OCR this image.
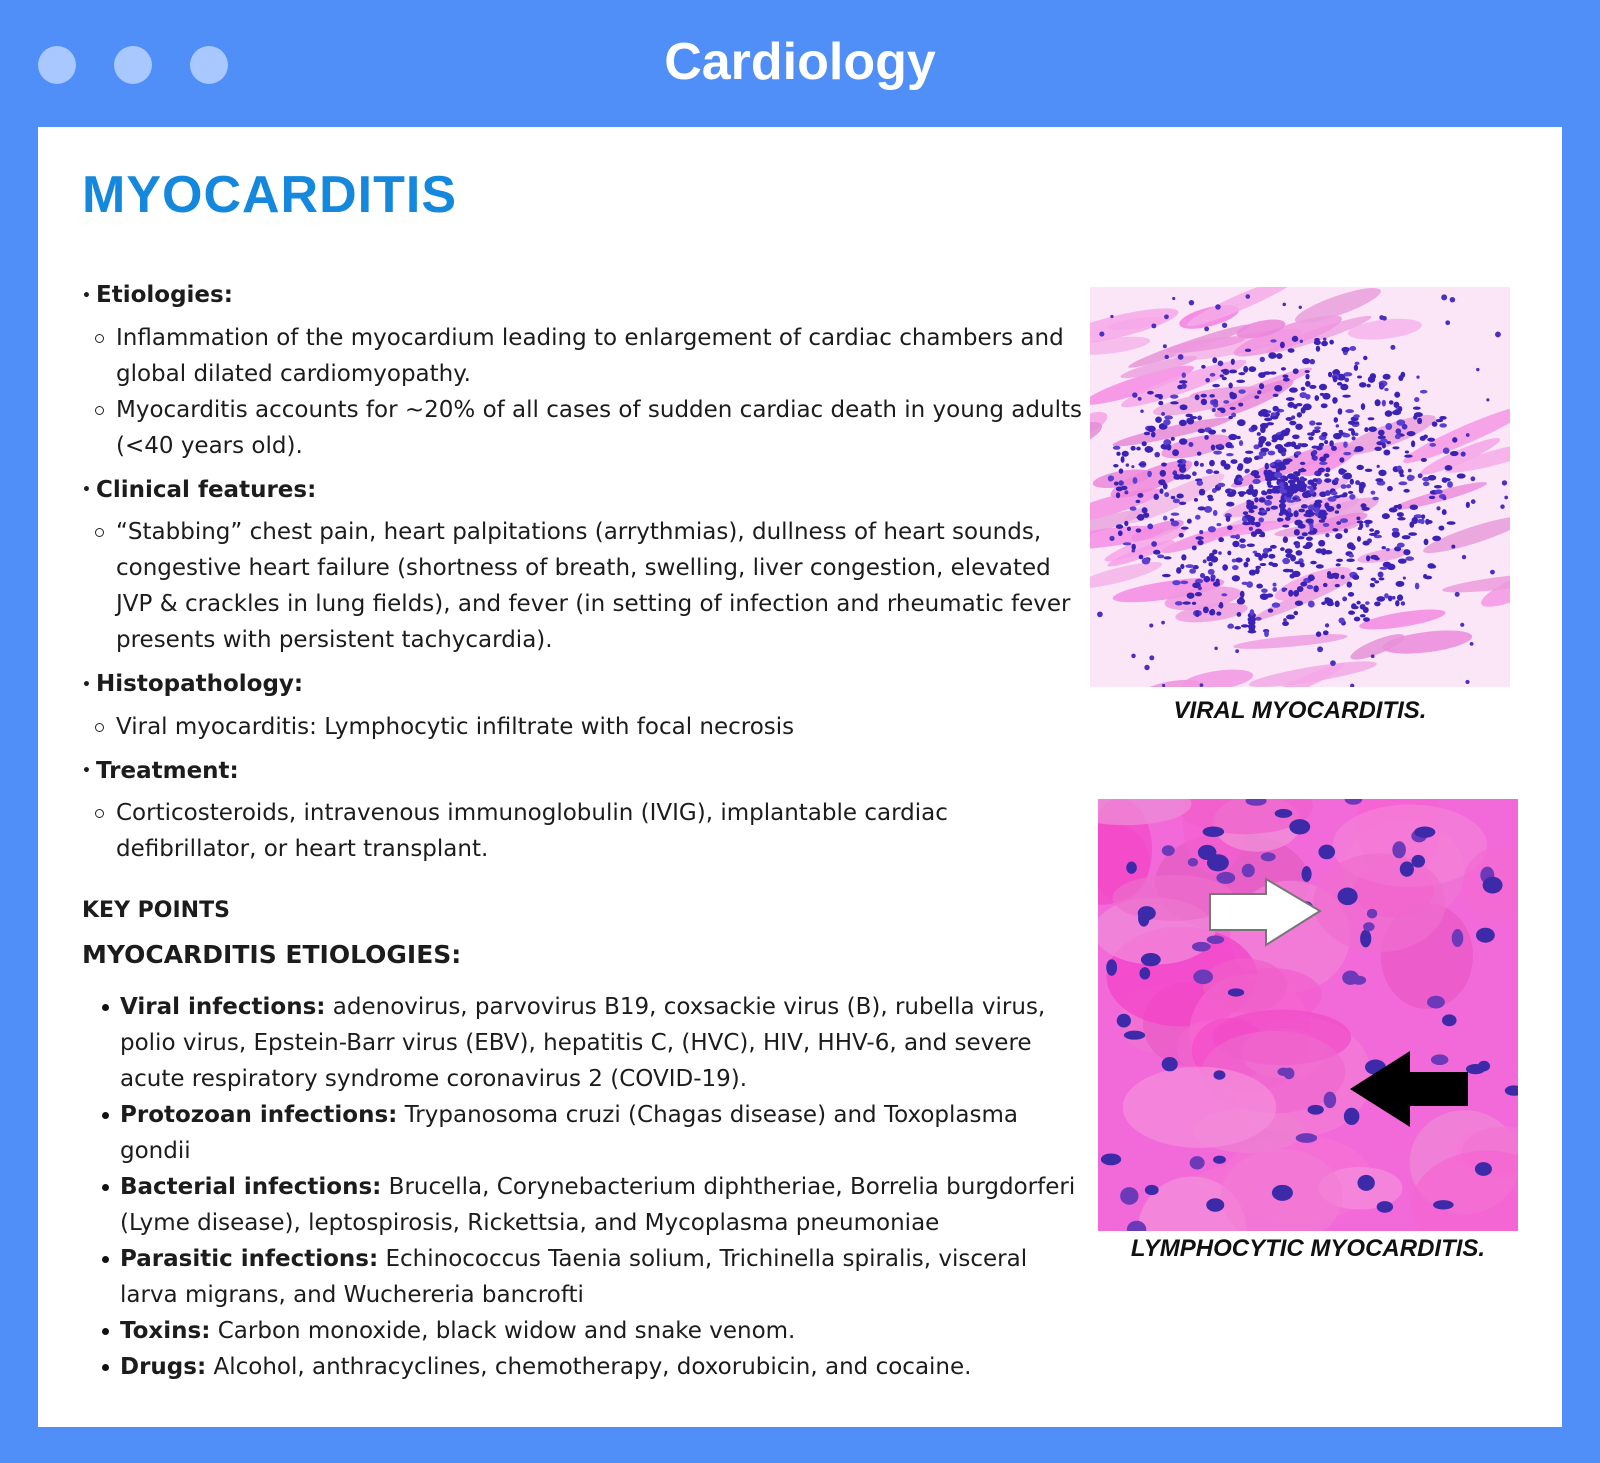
Cardiology
MYOCARDITIS
• Etiologies:
Inflammation of the myocardium leading to enlargement of cardiac chambers and global dilated cardiomyopathy.
Myocarditis accounts for ~20% of all cases of sudden cardiac death in young adults (<40 years old).
• Clinical features:
“Stabbing” chest pain, heart palpitations (arrythmias), dullness of heart sounds, congestive heart failure (shortness of breath, swelling, liver congestion, elevated JVP & crackles in lung fields), and fever (in setting of infection and rheumatic fever presents with persistent tachycardia).
• Histopathology:
Viral myocarditis: Lymphocytic infiltrate with focal necrosis
• Treatment:
Corticosteroids, intravenous immunoglobulin (IVIG), implantable cardiac defibrillator, or heart transplant.
KEY POINTS
MYOCARDITIS ETIOLOGIES:
Viral infections: adenovirus, parvovirus B19, coxsackie virus (B), rubella virus, polio virus, Epstein-Barr virus (EBV), hepatitis C, (HVC), HIV, HHV-6, and severe acute respiratory syndrome coronavirus 2 (COVID-19).
Protozoan infections: Trypanosoma cruzi (Chagas disease) and Toxoplasma gondii
Bacterial infections: Brucella, Corynebacterium diphtheriae, Borrelia burgdorferi (Lyme disease), leptospirosis, Rickettsia, and Mycoplasma pneumoniae
Parasitic infections: Echinococcus Taenia solium, Trichinella spiralis, visceral larva migrans, and Wuchereria bancrofti
Toxins: Carbon monoxide, black widow and snake venom.
Drugs: Alcohol, anthracyclines, chemotherapy, doxorubicin, and cocaine.
VIRAL MYOCARDITIS.
LYMPHOCYTIC MYOCARDITIS.
